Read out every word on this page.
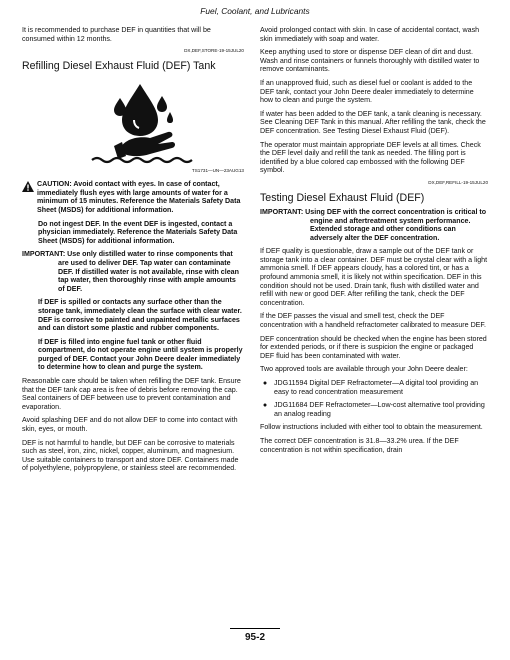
Fuel, Coolant, and Lubricants

It is recommended to purchase DEF in quantities that will be consumed within 12 months.

DX,DEF,STORE-19-15JUL20

Refilling Diesel Exhaust Fluid (DEF) Tank

TS1731—UN—23AUG13

CAUTION: Avoid contact with eyes. In case of contact, immediately flush eyes with large amounts of water for a minimum of 15 minutes. Reference the Materials Safety Data Sheet (MSDS) for additional information.

Do not ingest DEF. In the event DEF is ingested, contact a physician immediately. Reference the Materials Safety Data Sheet (MSDS) for additional information.

IMPORTANT: Use only distilled water to rinse components that are used to deliver DEF. Tap water can contaminate DEF. If distilled water is not available, rinse with clean tap water, then thoroughly rinse with ample amounts of DEF.

If DEF is spilled or contacts any surface other than the storage tank, immediately clean the surface with clear water. DEF is corrosive to painted and unpainted metallic surfaces and can distort some plastic and rubber components.

If DEF is filled into engine fuel tank or other fluid compartment, do not operate engine until system is properly purged of DEF. Contact your John Deere dealer immediately to determine how to clean and purge the system.

Reasonable care should be taken when refilling the DEF tank. Ensure that the DEF tank cap area is free of debris before removing the cap. Seal containers of DEF between use to prevent contamination and evaporation.

Avoid splashing DEF and do not allow DEF to come into contact with skin, eyes, or mouth.

DEF is not harmful to handle, but DEF can be corrosive to materials such as steel, iron, zinc, nickel, copper, aluminum, and magnesium. Use suitable containers to transport and store DEF. Containers made of polyethylene, polypropylene, or stainless steel are recommended.

Avoid prolonged contact with skin. In case of accidental contact, wash skin immediately with soap and water.

Keep anything used to store or dispense DEF clean of dirt and dust. Wash and rinse containers or funnels thoroughly with distilled water to remove contaminants.

If an unapproved fluid, such as diesel fuel or coolant is added to the DEF tank, contact your John Deere dealer immediately to determine how to clean and purge the system.

If water has been added to the DEF tank, a tank cleaning is necessary. See Cleaning DEF Tank in this manual. After refilling the tank, check the DEF concentration. See Testing Diesel Exhaust Fluid (DEF).

The operator must maintain appropriate DEF levels at all times. Check the DEF level daily and refill the tank as needed. The filling port is identified by a blue colored cap embossed with the following DEF symbol.

DX,DEF,REFILL-19-15JUL20

Testing Diesel Exhaust Fluid (DEF)

IMPORTANT: Using DEF with the correct concentration is critical to engine and aftertreatment system performance. Extended storage and other conditions can adversely alter the DEF concentration.

If DEF quality is questionable, draw a sample out of the DEF tank or storage tank into a clear container. DEF must be crystal clear with a light ammonia smell. If DEF appears cloudy, has a colored tint, or has a profound ammonia smell, it is likely not within specification. DEF in this condition should not be used. Drain tank, flush with distilled water and refill with new or good DEF. After refilling the tank, check the DEF concentration.

If the DEF passes the visual and smell test, check the DEF concentration with a handheld refractometer calibrated to measure DEF.

DEF concentration should be checked when the engine has been stored for extended periods, or if there is suspicion the engine or packaged DEF fluid has been contaminated with water.

Two approved tools are available through your John Deere dealer:

● JDG11594 Digital DEF Refractometer—A digital tool providing an easy to read concentration measurement
● JDG11684 DEF Refractometer—Low-cost alternative tool providing an analog reading

Follow instructions included with either tool to obtain the measurement.

The correct DEF concentration is 31.8—33.2% urea. If the DEF concentration is not within specification, drain

95-2
